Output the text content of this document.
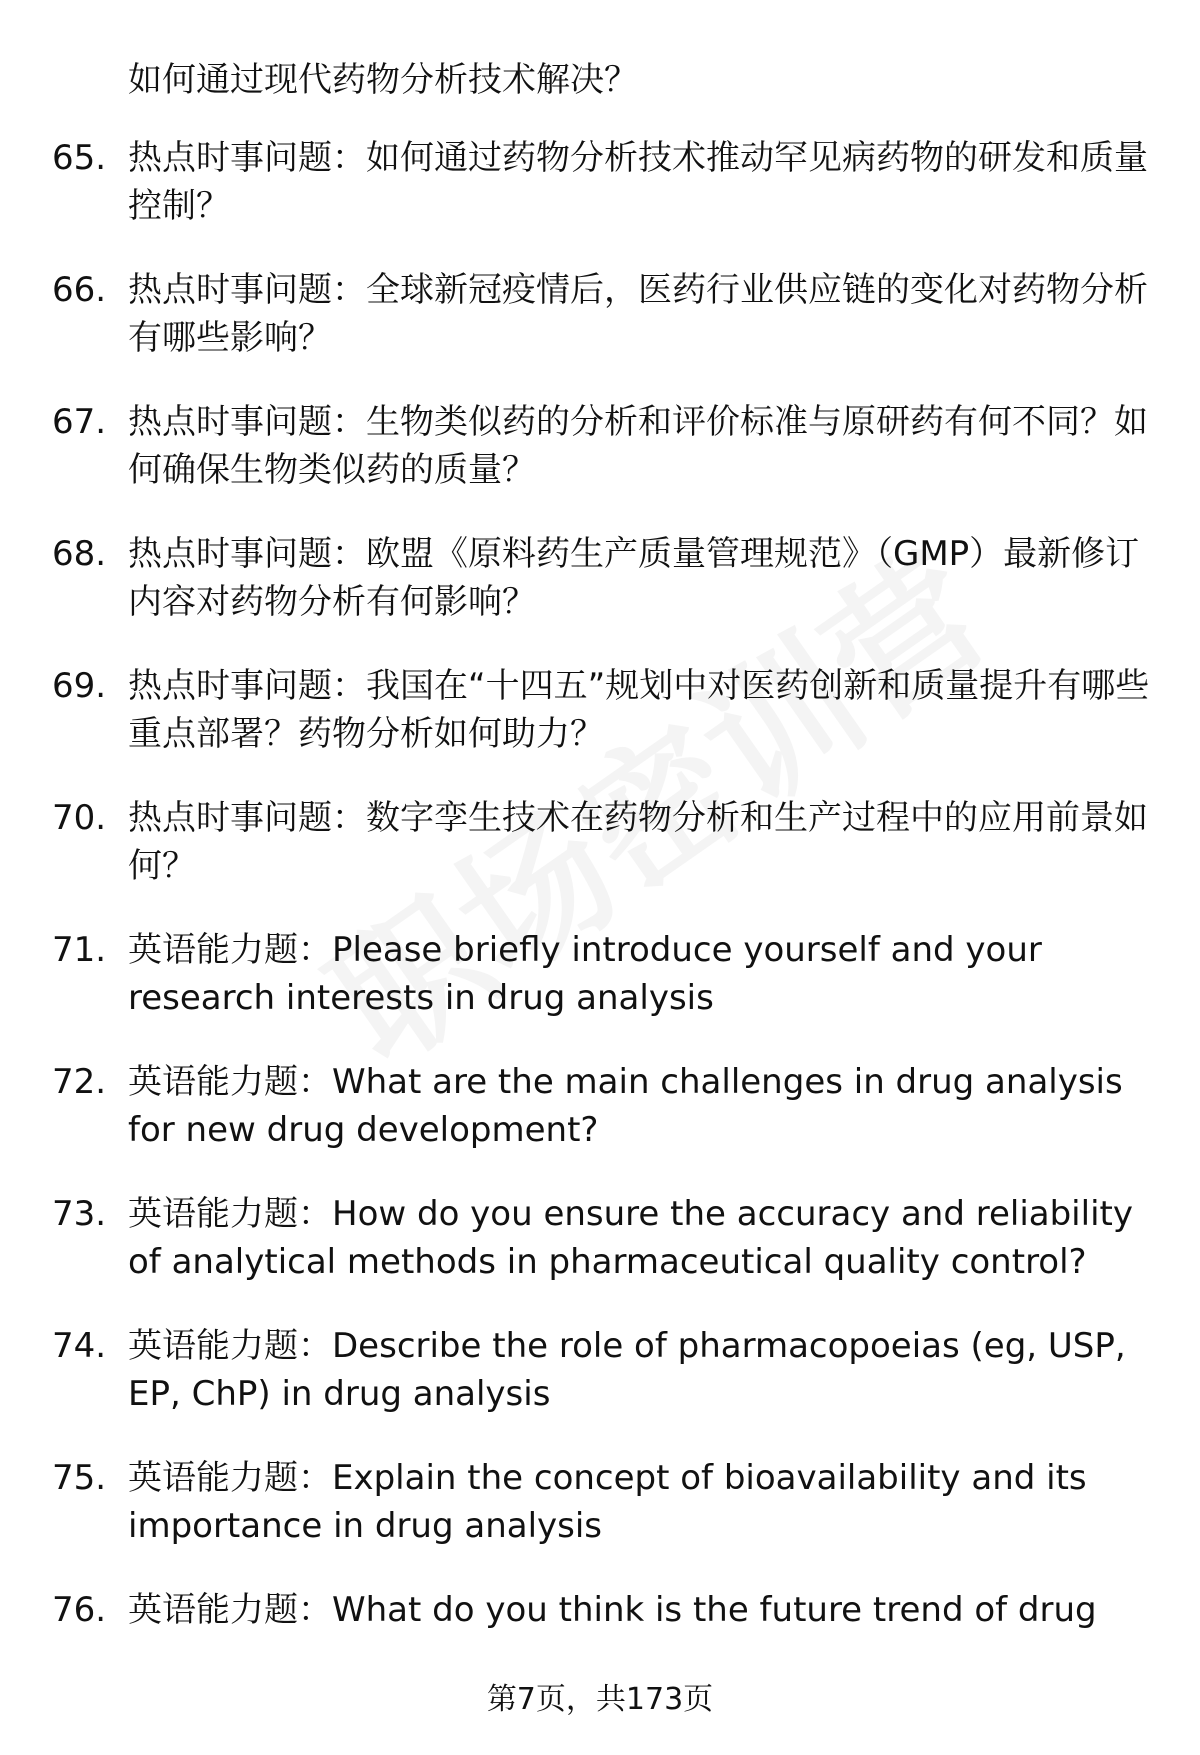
如何通过现代药物分析技术解决？
65. 热点时事问题：如何通过药物分析技术推动罕见病药物的研发和质量控制？
66. 热点时事问题：全球新冠疫情后，医药行业供应链的变化对药物分析有哪些影响？
67. 热点时事问题：生物类似药的分析和评价标准与原研药有何不同？如何确保生物类似药的质量？
68. 热点时事问题：欧盟《原料药生产质量管理规范》（GMP）最新修订内容对药物分析有何影响？
69. 热点时事问题：我国在“十四五”规划中对医药创新和质量提升有哪些重点部署？药物分析如何助力？
70. 热点时事问题：数字孪生技术在药物分析和生产过程中的应用前景如何？
71. 英语能力题：Please briefly introduce yourself and your research interests in drug analysis
72. 英语能力题：What are the main challenges in drug analysis for new drug development?
73. 英语能力题：How do you ensure the accuracy and reliability of analytical methods in pharmaceutical quality control?
74. 英语能力题：Describe the role of pharmacopoeias (eg, USP, EP, ChP) in drug analysis
75. 英语能力题：Explain the concept of bioavailability and its importance in drug analysis
76. 英语能力题：What do you think is the future trend of drug
第7页，共173页
